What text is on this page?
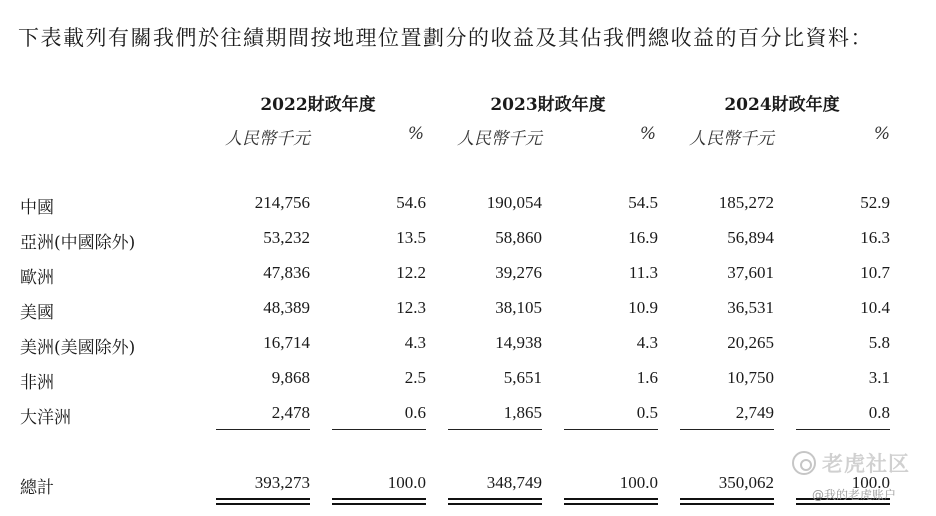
下表載列有關我們於往績期間按地理位置劃分的收益及其佔我們總收益的百分比資料：
2022財政年度	2023財政年度	2024財政年度
人民幣千元	% 人民幣千元	% 人民幣千元	%
中國	214,756	54.6	190,054	54.5	185,272	52.9
亞洲(中國除外)	53,232	13.5	58,860	16.9	56,894	16.3
歐洲	47,836	12.2	39,276	11.3	37,601	10.7
美國	48,389	12.3	38,105	10.9	36,531	10.4
美洲(美國除外)	16,714	4.3	14,938	4.3	20,265	5.8
非洲	9,868	2.5	5,651	1.6	10,750	3.1
大洋洲	2,478	0.6	1,865	0.5	2,749	0.8
總計	393,273	100.0	348,749	100.0	350,062	100.0
老虎社区
@我的老虎账户
